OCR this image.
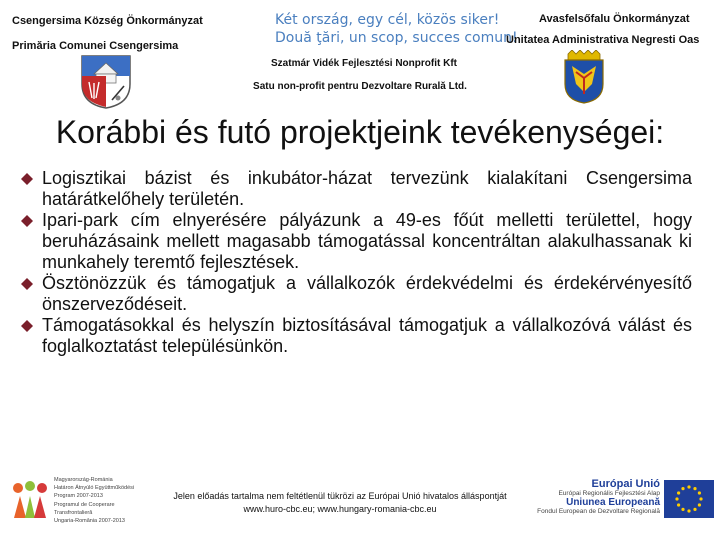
Csengersima Község Önkormányzat
Primăria Comunei Csengersima
Két ország, egy cél, közös siker!
Două ţări, un scop, succes comun!
Avasfelsőfalu Önkormányzat
Unitatea Administrativa Negresti Oas
Szatmár Vidék Fejlesztési Nonprofit Kft
Satu non-profit pentru Dezvoltare Rurală Ltd.
Korábbi és futó projektjeink tevékenységei:
Logisztikai bázist és inkubátor-házat tervezünk kialakítani Csengersima határátkelőhely területén.
Ipari-park cím elnyerésére pályázunk a 49-es főút melletti területtel, hogy beruházásaink mellett magasabb támogatással koncentráltan alakulhassanak ki munkahely teremtő fejlesztések.
Ösztönözzük és támogatjuk a vállalkozók érdekvédelmi és érdekérvényesítő önszerveződéseit.
Támogatásokkal és helyszín biztosításával támogatjuk a vállalkozóvá válást és foglalkoztatást településünkön.
Magyarország-Románia
Határon Átnyúló Együttműködési
Program 2007-2013
Programul de Cooperare
Transfrontalieră
Ungaria-România 2007-2013
Jelen előadás tartalma nem feltétlenül tükrözi az Európai Unió hivatalos álláspontját
www.huro-cbc.eu; www.hungary-romania-cbc.eu
Európai Unió
Európai Regionális Fejlesztési Alap
Uniunea Europeană
Fondul European de Dezvoltare Regională
